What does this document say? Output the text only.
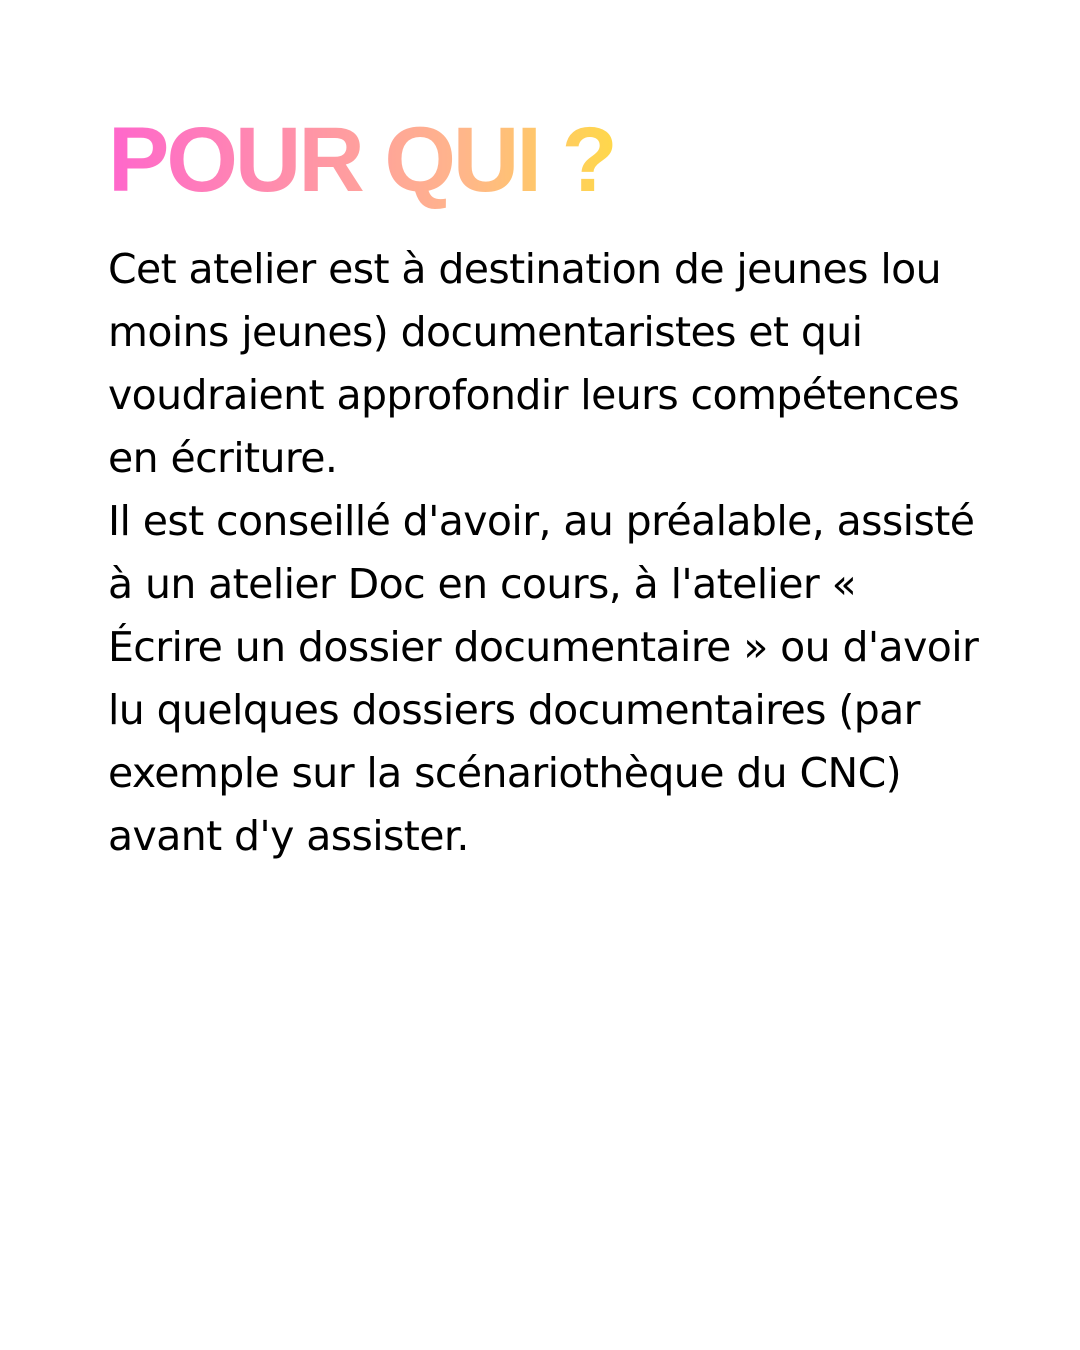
POUR QUI ?
Cet atelier est à destination de jeunes lou
moins jeunes) documentaristes et qui
voudraient approfondir leurs compétences
en écriture.
Il est conseillé d'avoir, au préalable, assisté
à un atelier Doc en cours, à l'atelier «
Écrire un dossier documentaire » ou d'avoir
lu quelques dossiers documentaires (par
exemple sur la scénariothèque du CNC)
avant d'y assister.
